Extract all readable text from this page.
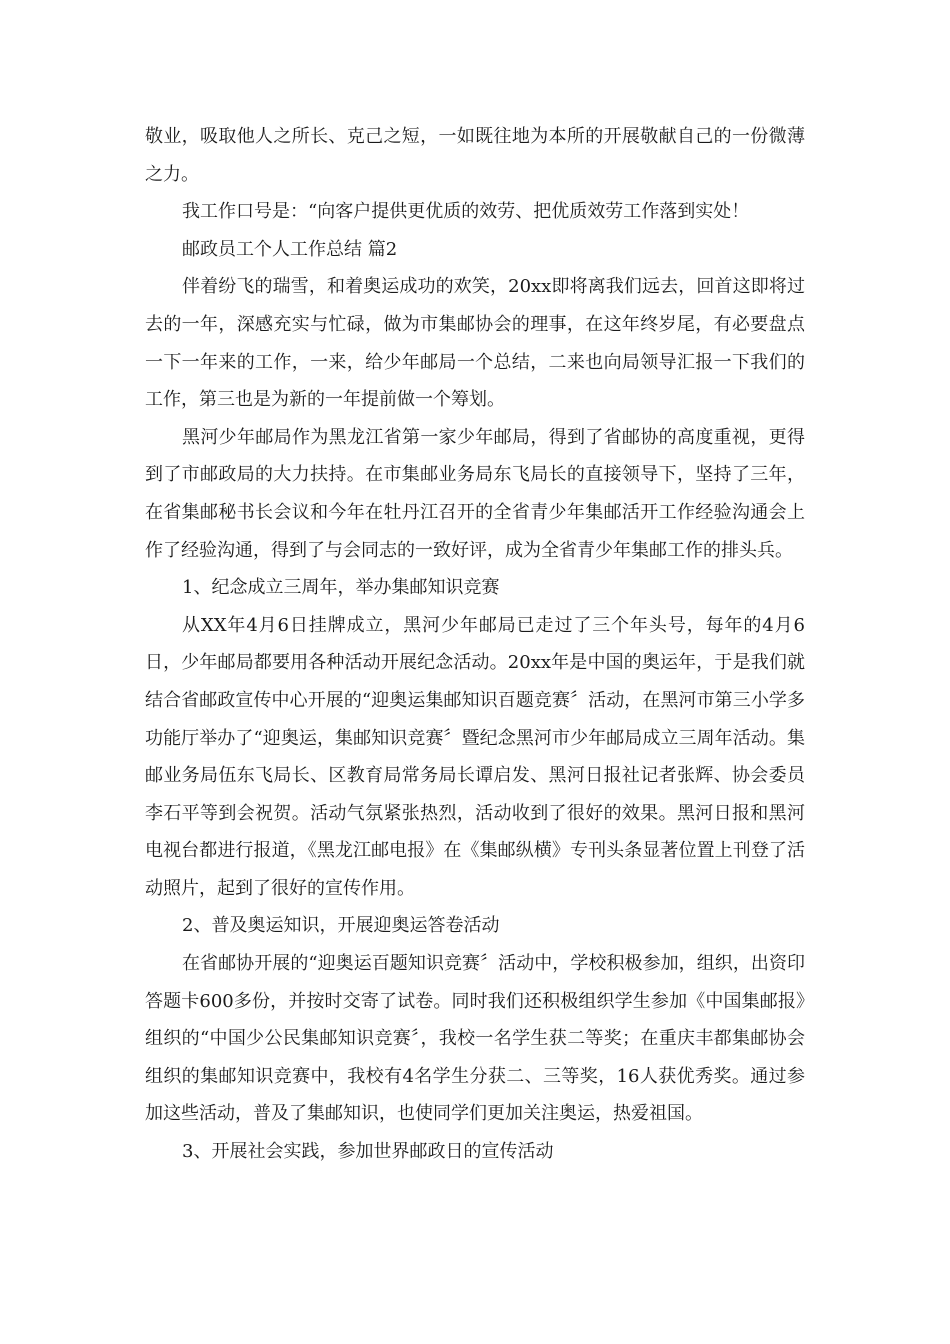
敬业，吸取他人之所长、克己之短，一如既往地为本所的开展敬献自己的一份微薄之力。

我工作口号是：“向客户提供更优质的效劳、把优质效劳工作落到实处！

邮政员工个人工作总结 篇2

伴着纷飞的瑞雪，和着奥运成功的欢笑，20xx即将离我们远去，回首这即将过去的一年，深感充实与忙碌，做为市集邮协会的理事，在这年终岁尾，有必要盘点一下一年来的工作，一来，给少年邮局一个总结，二来也向局领导汇报一下我们的工作，第三也是为新的一年提前做一个筹划。

黑河少年邮局作为黑龙江省第一家少年邮局，得到了省邮协的高度重视，更得到了市邮政局的大力扶持。在市集邮业务局东飞局长的直接领导下，坚持了三年，在省集邮秘书长会议和今年在牡丹江召开的全省青少年集邮活开工作经验沟通会上作了经验沟通，得到了与会同志的一致好评，成为全省青少年集邮工作的排头兵。

1、纪念成立三周年，举办集邮知识竞赛

从XX年4月6日挂牌成立，黑河少年邮局已走过了三个年头号，每年的4月6日，少年邮局都要用各种活动开展纪念活动。20xx年是中国的奥运年，于是我们就结合省邮政宣传中心开展的“迎奥运集邮知识百题竞赛〞活动，在黑河市第三小学多功能厅举办了“迎奥运，集邮知识竞赛〞暨纪念黑河市少年邮局成立三周年活动。集邮业务局伍东飞局长、区教育局常务局长谭启发、黑河日报社记者张辉、协会委员李石平等到会祝贺。活动气氛紧张热烈，活动收到了很好的效果。黑河日报和黑河电视台都进行报道，《黑龙江邮电报》在《集邮纵横》专刊头条显著位置上刊登了活动照片，起到了很好的宣传作用。

2、普及奥运知识，开展迎奥运答卷活动

在省邮协开展的“迎奥运百题知识竞赛〞活动中，学校积极参加，组织，出资印答题卡600多份，并按时交寄了试卷。同时我们还积极组织学生参加《中国集邮报》组织的“中国少公民集邮知识竞赛〞，我校一名学生获二等奖；在重庆丰都集邮协会组织的集邮知识竞赛中，我校有4名学生分获二、三等奖，16人获优秀奖。通过参加这些活动，普及了集邮知识，也使同学们更加关注奥运，热爱祖国。

3、开展社会实践，参加世界邮政日的宣传活动
